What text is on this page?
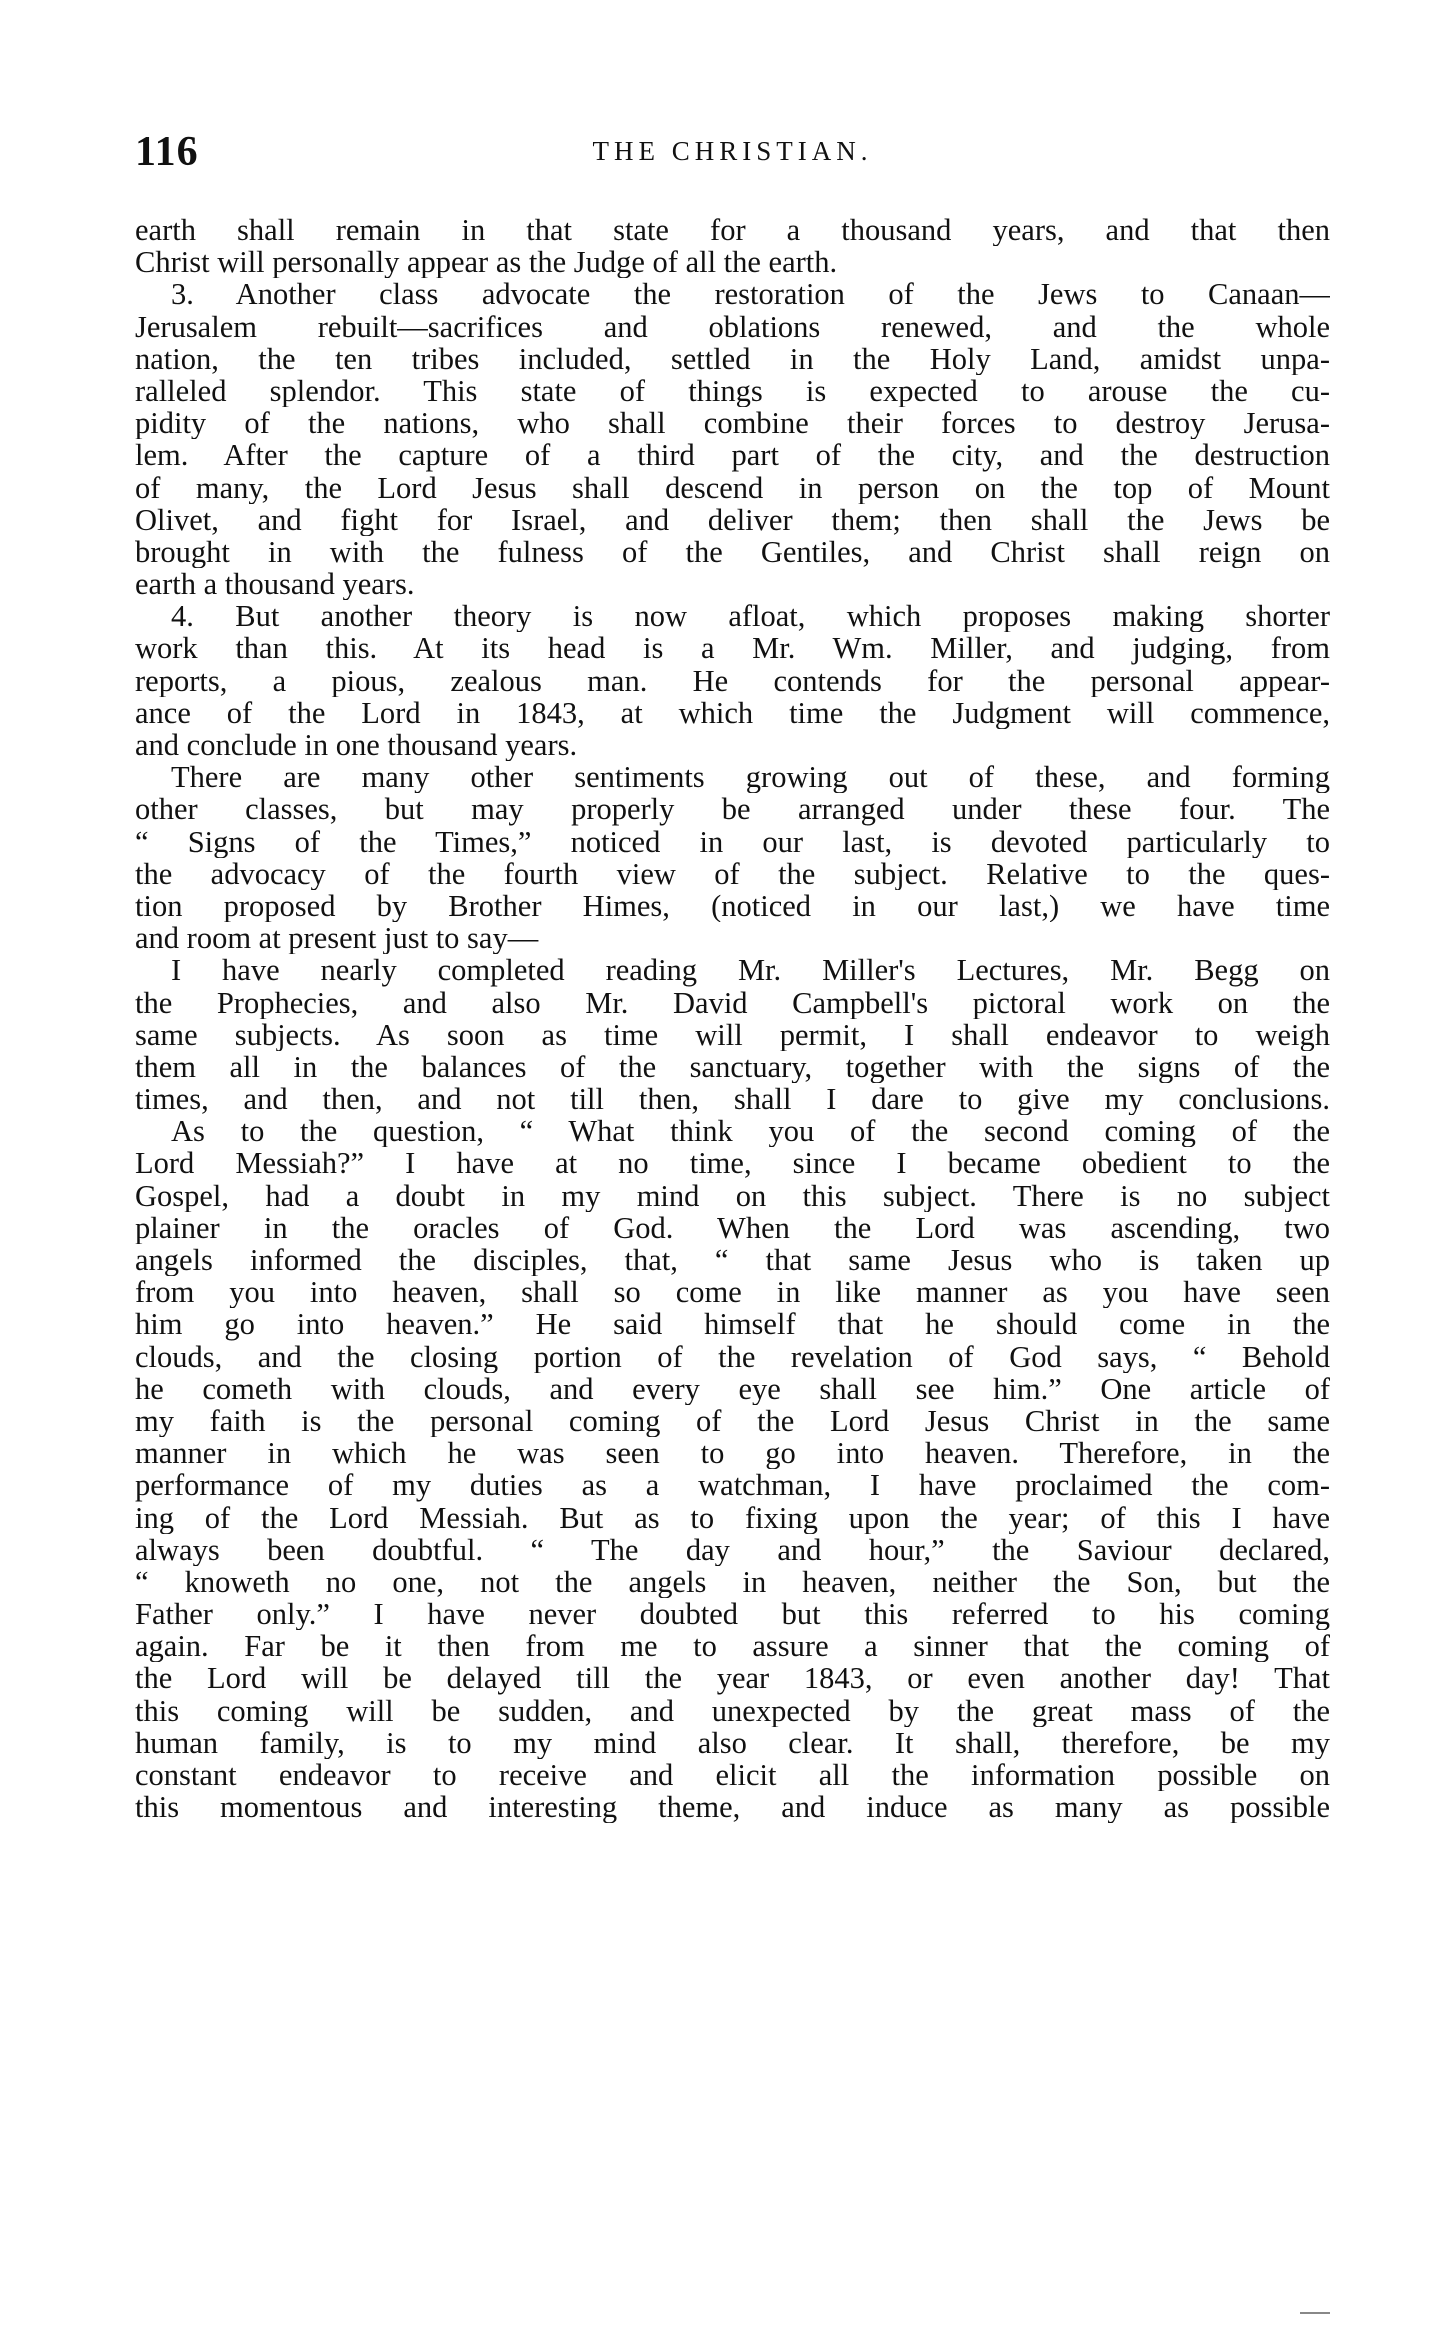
116	THE CHRISTIAN.
earth shall remain in that state for a thousand years, and that then
Christ will personally appear as the Judge of all the earth.
3. Another class advocate the restoration of the Jews to Canaan—
Jerusalem rebuilt—sacrifices and oblations renewed, and the whole
nation, the ten tribes included, settled in the Holy Land, amidst unpa-
ralleled splendor. This state of things is expected to arouse the cu-
pidity of the nations, who shall combine their forces to destroy Jerusa-
lem. After the capture of a third part of the city, and the destruction
of many, the Lord Jesus shall descend in person on the top of Mount
Olivet, and fight for Israel, and deliver them; then shall the Jews be
brought in with the fulness of the Gentiles, and Christ shall reign on
earth a thousand years.
4. But another theory is now afloat, which proposes making shorter
work than this. At its head is a Mr. Wm. Miller, and judging, from
reports, a pious, zealous man. He contends for the personal appear-
ance of the Lord in 1843, at which time the Judgment will commence,
and conclude in one thousand years.
There are many other sentiments growing out of these, and forming
other classes, but may properly be arranged under these four. The
“ Signs of the Times,” noticed in our last, is devoted particularly to
the advocacy of the fourth view of the subject. Relative to the ques-
tion proposed by Brother Himes, (noticed in our last,) we have time
and room at present just to say—
I have nearly completed reading Mr. Miller's Lectures, Mr. Begg on
the Prophecies, and also Mr. David Campbell's pictoral work on the
same subjects. As soon as time will permit, I shall endeavor to weigh
them all in the balances of the sanctuary, together with the signs of the
times, and then, and not till then, shall I dare to give my conclusions.
As to the question, “ What think you of the second coming of the
Lord Messiah?” I have at no time, since I became obedient to the
Gospel, had a doubt in my mind on this subject. There is no subject
plainer in the oracles of God. When the Lord was ascending, two
angels informed the disciples, that, “ that same Jesus who is taken up
from you into heaven, shall so come in like manner as you have seen
him go into heaven.” He said himself that he should come in the
clouds, and the closing portion of the revelation of God says, “ Behold
he cometh with clouds, and every eye shall see him.” One article of
my faith is the personal coming of the Lord Jesus Christ in the same
manner in which he was seen to go into heaven. Therefore, in the
performance of my duties as a watchman, I have proclaimed the com-
ing of the Lord Messiah. But as to fixing upon the year; of this I have
always been doubtful. “ The day and hour,” the Saviour declared,
“ knoweth no one, not the angels in heaven, neither the Son, but the
Father only.” I have never doubted but this referred to his coming
again. Far be it then from me to assure a sinner that the coming of
the Lord will be delayed till the year 1843, or even another day! That
this coming will be sudden, and unexpected by the great mass of the
human family, is to my mind also clear. It shall, therefore, be my
constant endeavor to receive and elicit all the information possible on
this momentous and interesting theme, and induce as many as possible
